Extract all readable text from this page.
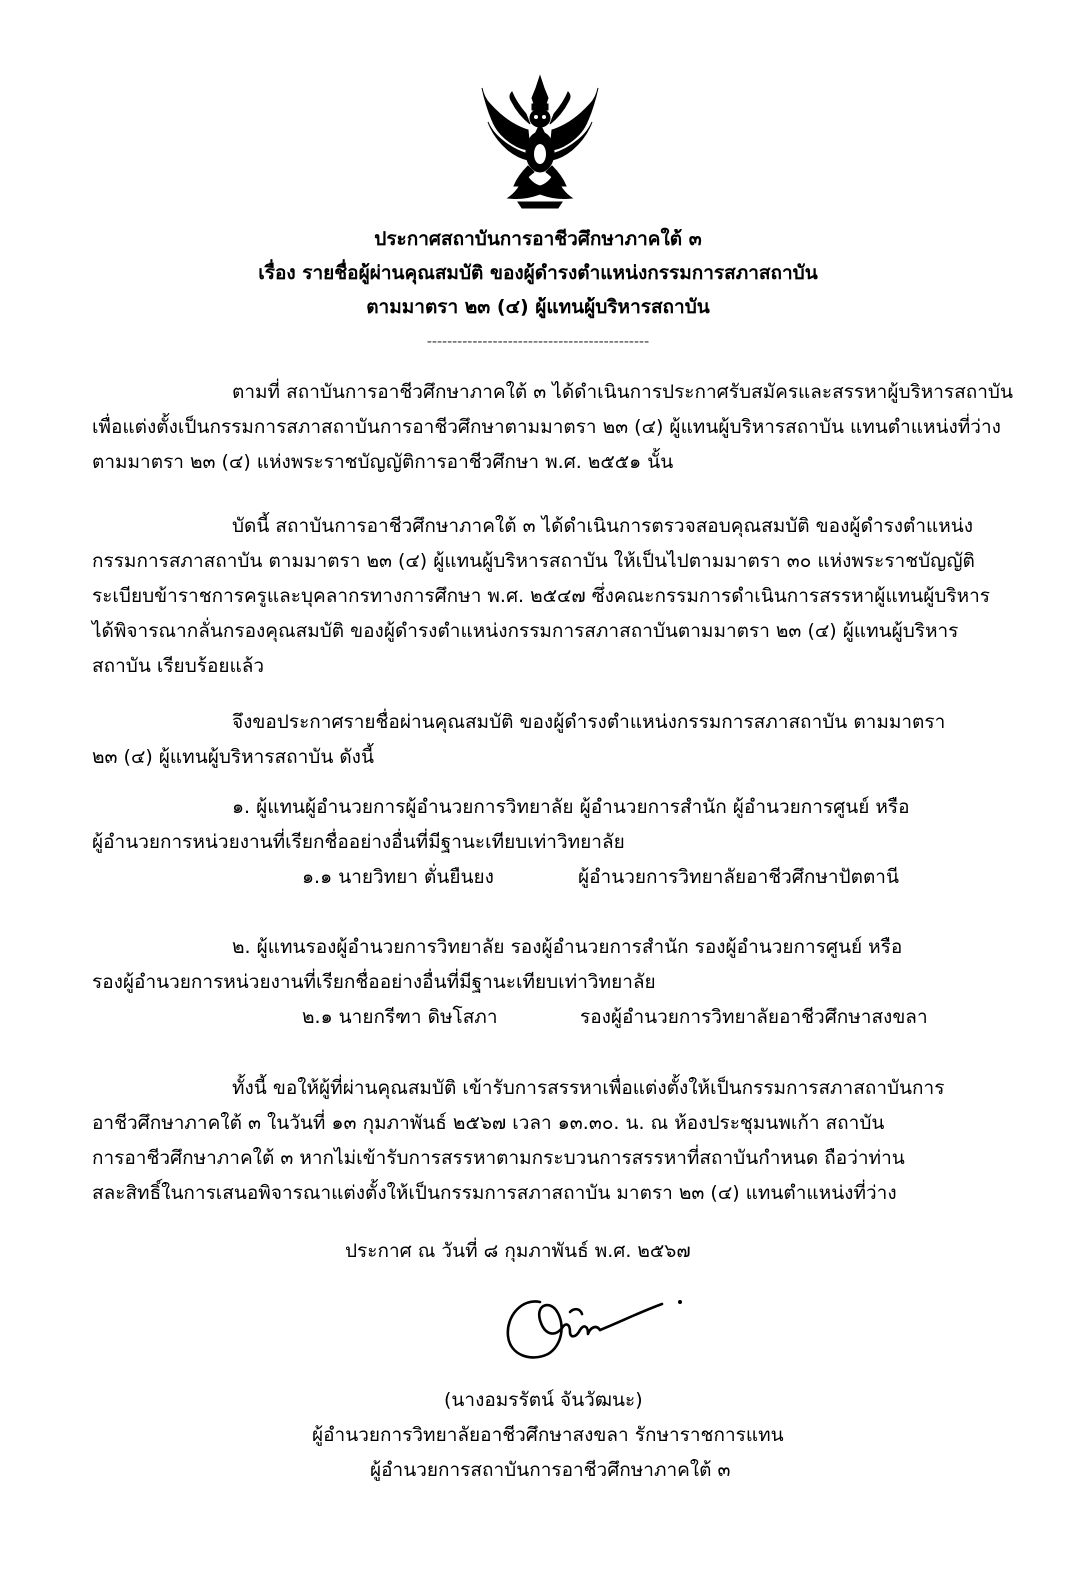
ประกาศสถาบันการอาชีวศึกษาภาคใต้ ๓
เรื่อง รายชื่อผู้ผ่านคุณสมบัติ ของผู้ดำรงตำแหน่งกรรมการสภาสถาบัน
ตามมาตรา ๒๓ (๔) ผู้แทนผู้บริหารสถาบัน
--------------------------------------------
ตามที่ สถาบันการอาชีวศึกษาภาคใต้ ๓ ได้ดำเนินการประกาศรับสมัครและสรรหาผู้บริหารสถาบัน
เพื่อแต่งตั้งเป็นกรรมการสภาสถาบันการอาชีวศึกษาตามมาตรา ๒๓ (๔) ผู้แทนผู้บริหารสถาบัน แทนตำแหน่งที่ว่าง
ตามมาตรา ๒๓ (๔) แห่งพระราชบัญญัติการอาชีวศึกษา พ.ศ. ๒๕๕๑ นั้น
บัดนี้ สถาบันการอาชีวศึกษาภาคใต้ ๓ ได้ดำเนินการตรวจสอบคุณสมบัติ ของผู้ดำรงตำแหน่ง
กรรมการสภาสถาบัน ตามมาตรา ๒๓ (๔) ผู้แทนผู้บริหารสถาบัน ให้เป็นไปตามมาตรา ๓๐ แห่งพระราชบัญญัติ
ระเบียบข้าราชการครูและบุคลากรทางการศึกษา พ.ศ. ๒๕๔๗ ซึ่งคณะกรรมการดำเนินการสรรหาผู้แทนผู้บริหาร
ได้พิจารณากลั่นกรองคุณสมบัติ ของผู้ดำรงตำแหน่งกรรมการสภาสถาบันตามมาตรา ๒๓ (๔) ผู้แทนผู้บริหาร
สถาบัน เรียบร้อยแล้ว
จึงขอประกาศรายชื่อผ่านคุณสมบัติ ของผู้ดำรงตำแหน่งกรรมการสภาสถาบัน ตามมาตรา
๒๓ (๔) ผู้แทนผู้บริหารสถาบัน ดังนี้
๑. ผู้แทนผู้อำนวยการผู้อำนวยการวิทยาลัย ผู้อำนวยการสำนัก ผู้อำนวยการศูนย์ หรือ
ผู้อำนวยการหน่วยงานที่เรียกชื่ออย่างอื่นที่มีฐานะเทียบเท่าวิทยาลัย
๑.๑ นายวิทยา ตั่นยืนยง	ผู้อำนวยการวิทยาลัยอาชีวศึกษาปัตตานี
๒. ผู้แทนรองผู้อำนวยการวิทยาลัย รองผู้อำนวยการสำนัก รองผู้อำนวยการศูนย์ หรือ
รองผู้อำนวยการหน่วยงานที่เรียกชื่ออย่างอื่นที่มีฐานะเทียบเท่าวิทยาลัย
๒.๑ นายกรีฑา ดิษโสภา	รองผู้อำนวยการวิทยาลัยอาชีวศึกษาสงขลา
ทั้งนี้ ขอให้ผู้ที่ผ่านคุณสมบัติ เข้ารับการสรรหาเพื่อแต่งตั้งให้เป็นกรรมการสภาสถาบันการ
อาชีวศึกษาภาคใต้ ๓ ในวันที่ ๑๓ กุมภาพันธ์ ๒๕๖๗ เวลา ๑๓.๓๐. น. ณ ห้องประชุมนพเก้า สถาบัน
การอาชีวศึกษาภาคใต้ ๓ หากไม่เข้ารับการสรรหาตามกระบวนการสรรหาที่สถาบันกำหนด ถือว่าท่าน
สละสิทธิ์ในการเสนอพิจารณาแต่งตั้งให้เป็นกรรมการสภาสถาบัน มาตรา ๒๓ (๔) แทนตำแหน่งที่ว่าง
ประกาศ ณ วันที่ ๘ กุมภาพันธ์ พ.ศ. ๒๕๖๗
(นางอมรรัตน์ จันวัฒนะ)
ผู้อำนวยการวิทยาลัยอาชีวศึกษาสงขลา รักษาราชการแทน
ผู้อำนวยการสถาบันการอาชีวศึกษาภาคใต้ ๓
